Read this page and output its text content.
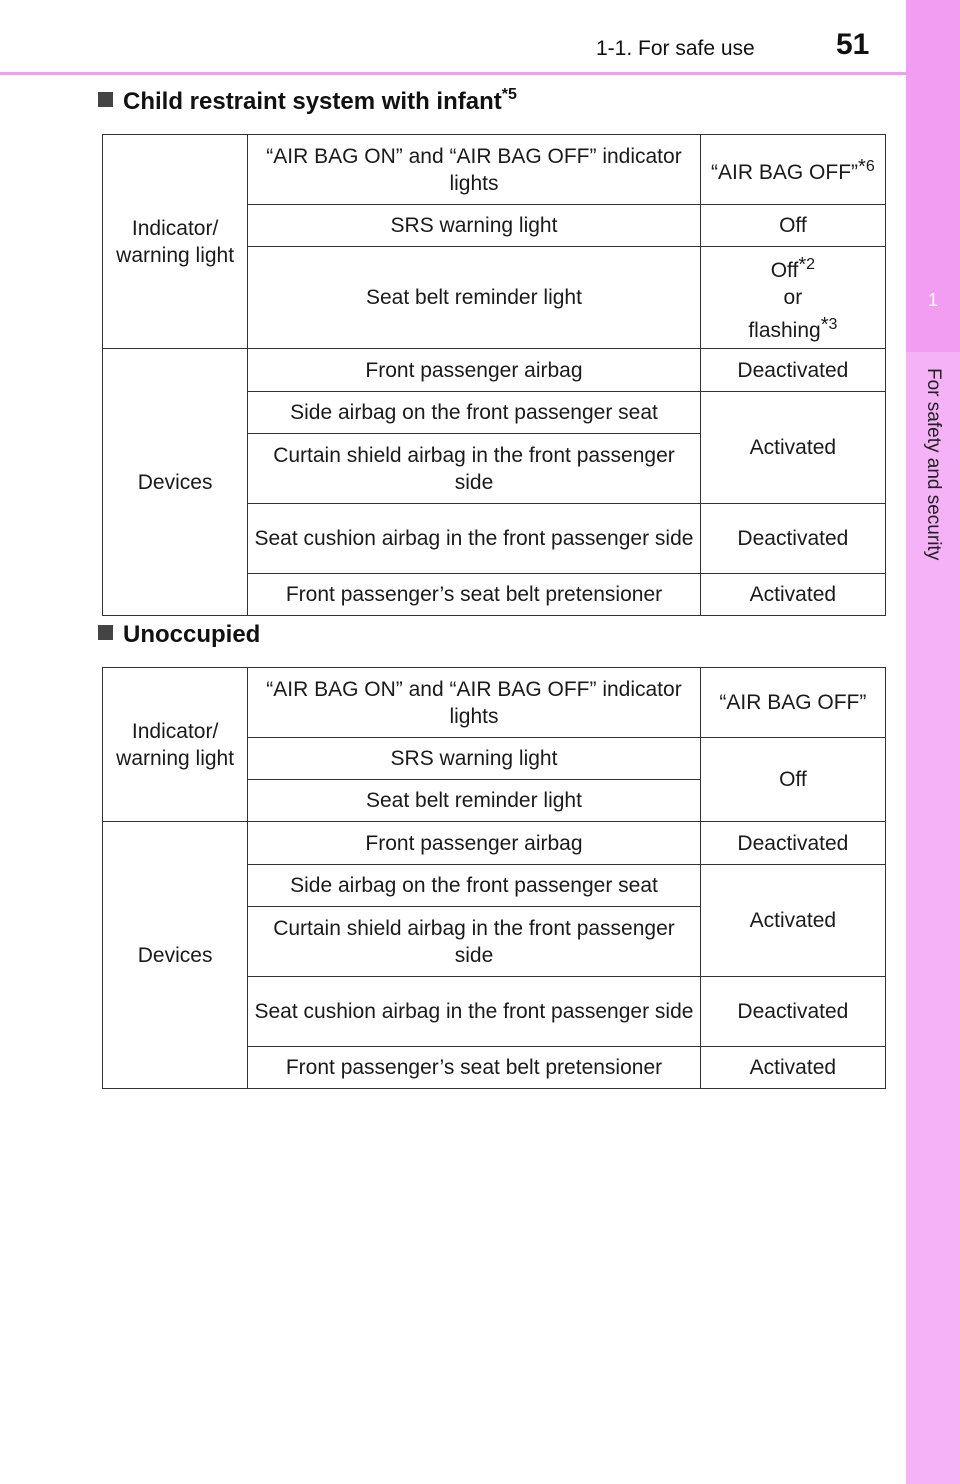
1-1. For safe use	51
1
For safety and security
Child restraint system with infant$^{*5}$
Indicator/ warning light	“AIR BAG ON” and “AIR BAG OFF” indicator lights	“AIR BAG OFF”*$^6$
	SRS warning light	Off
	Seat belt reminder light	Off*$^2$
or
flashing*$^3$
Devices	Front passenger airbag	Deactivated
	Side airbag on the front passenger seat	Activated
	Curtain shield airbag in the front passenger side	
	Seat cushion airbag in the front passenger side	Deactivated
	Front passenger’s seat belt pretensioner	Activated
Unoccupied
Indicator/ warning light	“AIR BAG ON” and “AIR BAG OFF” indicator lights	“AIR BAG OFF”
	SRS warning light	Off
	Seat belt reminder light	
Devices	Front passenger airbag	Deactivated
	Side airbag on the front passenger seat	Activated
	Curtain shield airbag in the front passenger side	
	Seat cushion airbag in the front passenger side	Deactivated
	Front passenger’s seat belt pretensioner	Activated
